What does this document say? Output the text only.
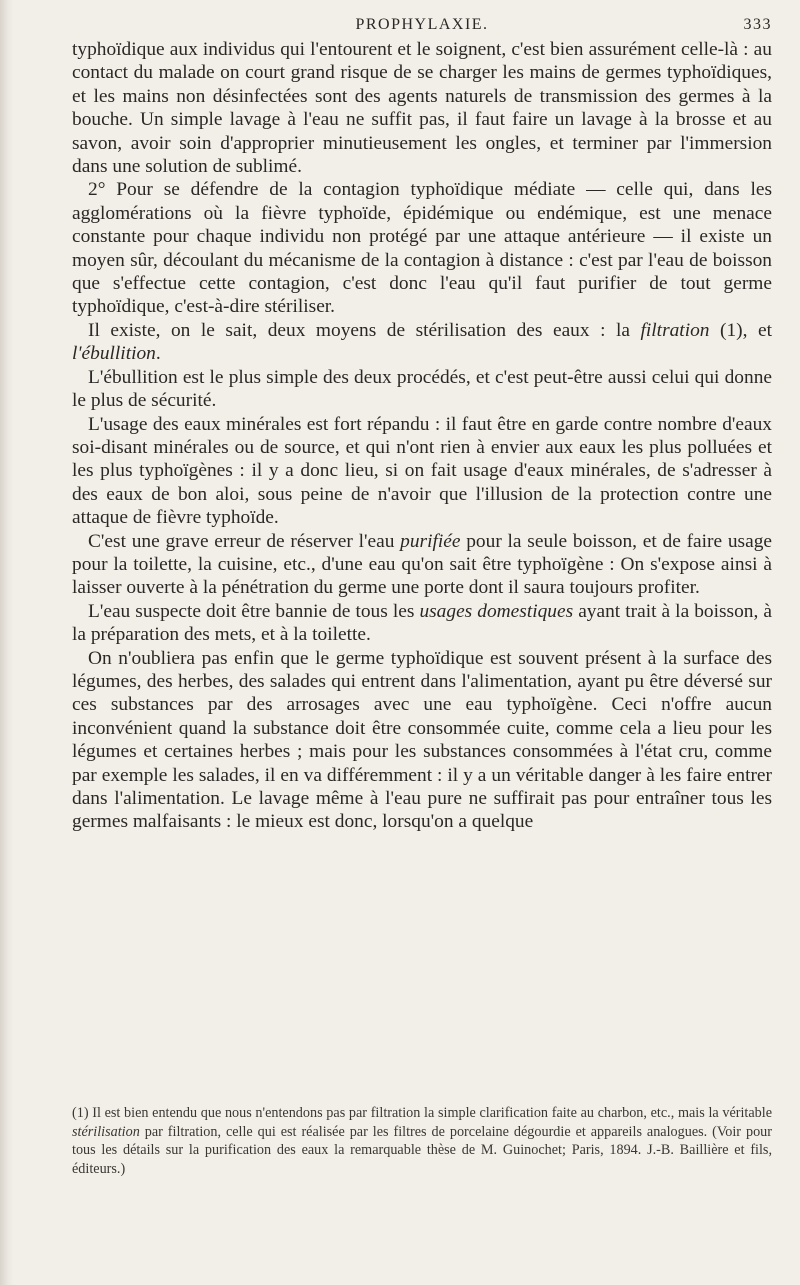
PROPHYLAXIE.	333

typhoïdique aux individus qui l'entourent et le soignent, c'est bien assurément celle-là : au contact du malade on court grand risque de se charger les mains de germes typhoïdiques, et les mains non désinfectées sont des agents naturels de transmission des germes à la bouche. Un simple lavage à l'eau ne suffit pas, il faut faire un lavage à la brosse et au savon, avoir soin d'approprier minutieusement les ongles, et terminer par l'immersion dans une solution de sublimé.

2° Pour se défendre de la contagion typhoïdique médiate — celle qui, dans les agglomérations où la fièvre typhoïde, épidémique ou endémique, est une menace constante pour chaque individu non protégé par une attaque antérieure — il existe un moyen sûr, découlant du mécanisme de la contagion à distance : c'est par l'eau de boisson que s'effectue cette contagion, c'est donc l'eau qu'il faut purifier de tout germe typhoïdique, c'est-à-dire stériliser.

Il existe, on le sait, deux moyens de stérilisation des eaux : la filtration (1), et l'ébullition.

L'ébullition est le plus simple des deux procédés, et c'est peut-être aussi celui qui donne le plus de sécurité.

L'usage des eaux minérales est fort répandu : il faut être en garde contre nombre d'eaux soi-disant minérales ou de source, et qui n'ont rien à envier aux eaux les plus polluées et les plus typhoïgènes : il y a donc lieu, si on fait usage d'eaux minérales, de s'adresser à des eaux de bon aloi, sous peine de n'avoir que l'illusion de la protection contre une attaque de fièvre typhoïde.

C'est une grave erreur de réserver l'eau purifiée pour la seule boisson, et de faire usage pour la toilette, la cuisine, etc., d'une eau qu'on sait être typhoïgène : On s'expose ainsi à laisser ouverte à la pénétration du germe une porte dont il saura toujours profiter.

L'eau suspecte doit être bannie de tous les usages domestiques ayant trait à la boisson, à la préparation des mets, et à la toilette.

On n'oubliera pas enfin que le germe typhoïdique est souvent présent à la surface des légumes, des herbes, des salades qui entrent dans l'alimentation, ayant pu être déversé sur ces substances par des arrosages avec une eau typhoïgène. Ceci n'offre aucun inconvénient quand la substance doit être consommée cuite, comme cela a lieu pour les légumes et certaines herbes ; mais pour les substances consommées à l'état cru, comme par exemple les salades, il en va différemment : il y a un véritable danger à les faire entrer dans l'alimentation. Le lavage même à l'eau pure ne suffirait pas pour entraîner tous les germes malfaisants : le mieux est donc, lorsqu'on a quelque

(1) Il est bien entendu que nous n'entendons pas par filtration la simple clarification faite au charbon, etc., mais la véritable stérilisation par filtration, celle qui est réalisée par les filtres de porcelaine dégourdie et appareils analogues. (Voir pour tous les détails sur la purification des eaux la remarquable thèse de M. Guinochet; Paris, 1894. J.-B. Baillière et fils, éditeurs.)
